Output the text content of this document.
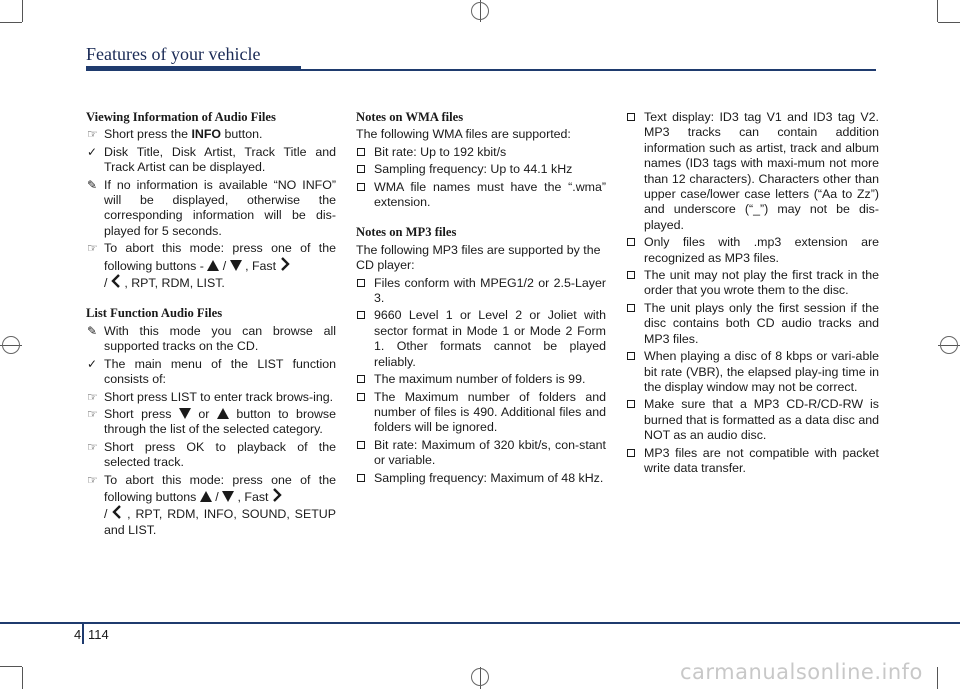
Features of your vehicle
Viewing Information of Audio Files
☞ Short press the INFO button.
✓ Disk Title, Disk Artist, Track Title and Track Artist can be displayed.
✎ If no information is available “NO INFO” will be displayed, otherwise the corresponding information will be dis-played for 5 seconds.
☞ To abort this mode: press one of the following buttons -  /  , Fast
/  , RPT, RDM, LIST.
List Function Audio Files
✎ With this mode you can browse all supported tracks on the CD.
✓ The main menu of the LIST function consists of:
☞ Short press LIST to enter track brows-ing.
☞ Short press  or  button to browse through the list of the selected category.
☞ Short press OK to playback of the selected track.
☞ To abort this mode: press one of the following buttons  /  , Fast
/  , RPT, RDM, INFO, SOUND, SETUP and LIST.
Notes on WMA files
The following WMA files are supported:
Bit rate: Up to 192 kbit/s
Sampling frequency: Up to 44.1 kHz
WMA file names must have the “.wma” extension.
Notes on MP3 files
The following MP3 files are supported by the CD player:
Files conform with MPEG1/2 or 2.5-Layer 3.
9660 Level 1 or Level 2 or Joliet with sector format in Mode 1 or Mode 2 Form 1. Other formats cannot be played reliably.
The maximum number of folders is 99.
The Maximum number of folders and number of files is 490. Additional files and folders will be ignored.
Bit rate: Maximum of 320 kbit/s, con-stant or variable.
Sampling frequency: Maximum of 48 kHz.
Text display: ID3 tag V1 and ID3 tag V2. MP3 tracks can contain addition information such as artist, track and album names (ID3 tags with maxi-mum not more than 12 characters). Characters other than upper case/lower case letters (“Aa to Zz”) and underscore (“_”) may not be dis-played.
Only files with .mp3 extension are recognized as MP3 files.
The unit may not play the first track in the order that you wrote them to the disc.
The unit plays only the first session if the disc contains both CD audio tracks and MP3 files.
When playing a disc of 8 kbps or vari-able bit rate (VBR), the elapsed play-ing time in the display window may not be correct.
Make sure that a MP3 CD-R/CD-RW is burned that is formatted as a data disc and NOT as an audio disc.
MP3 files are not compatible with packet write data transfer.
4 114
carmanualsonline.info
